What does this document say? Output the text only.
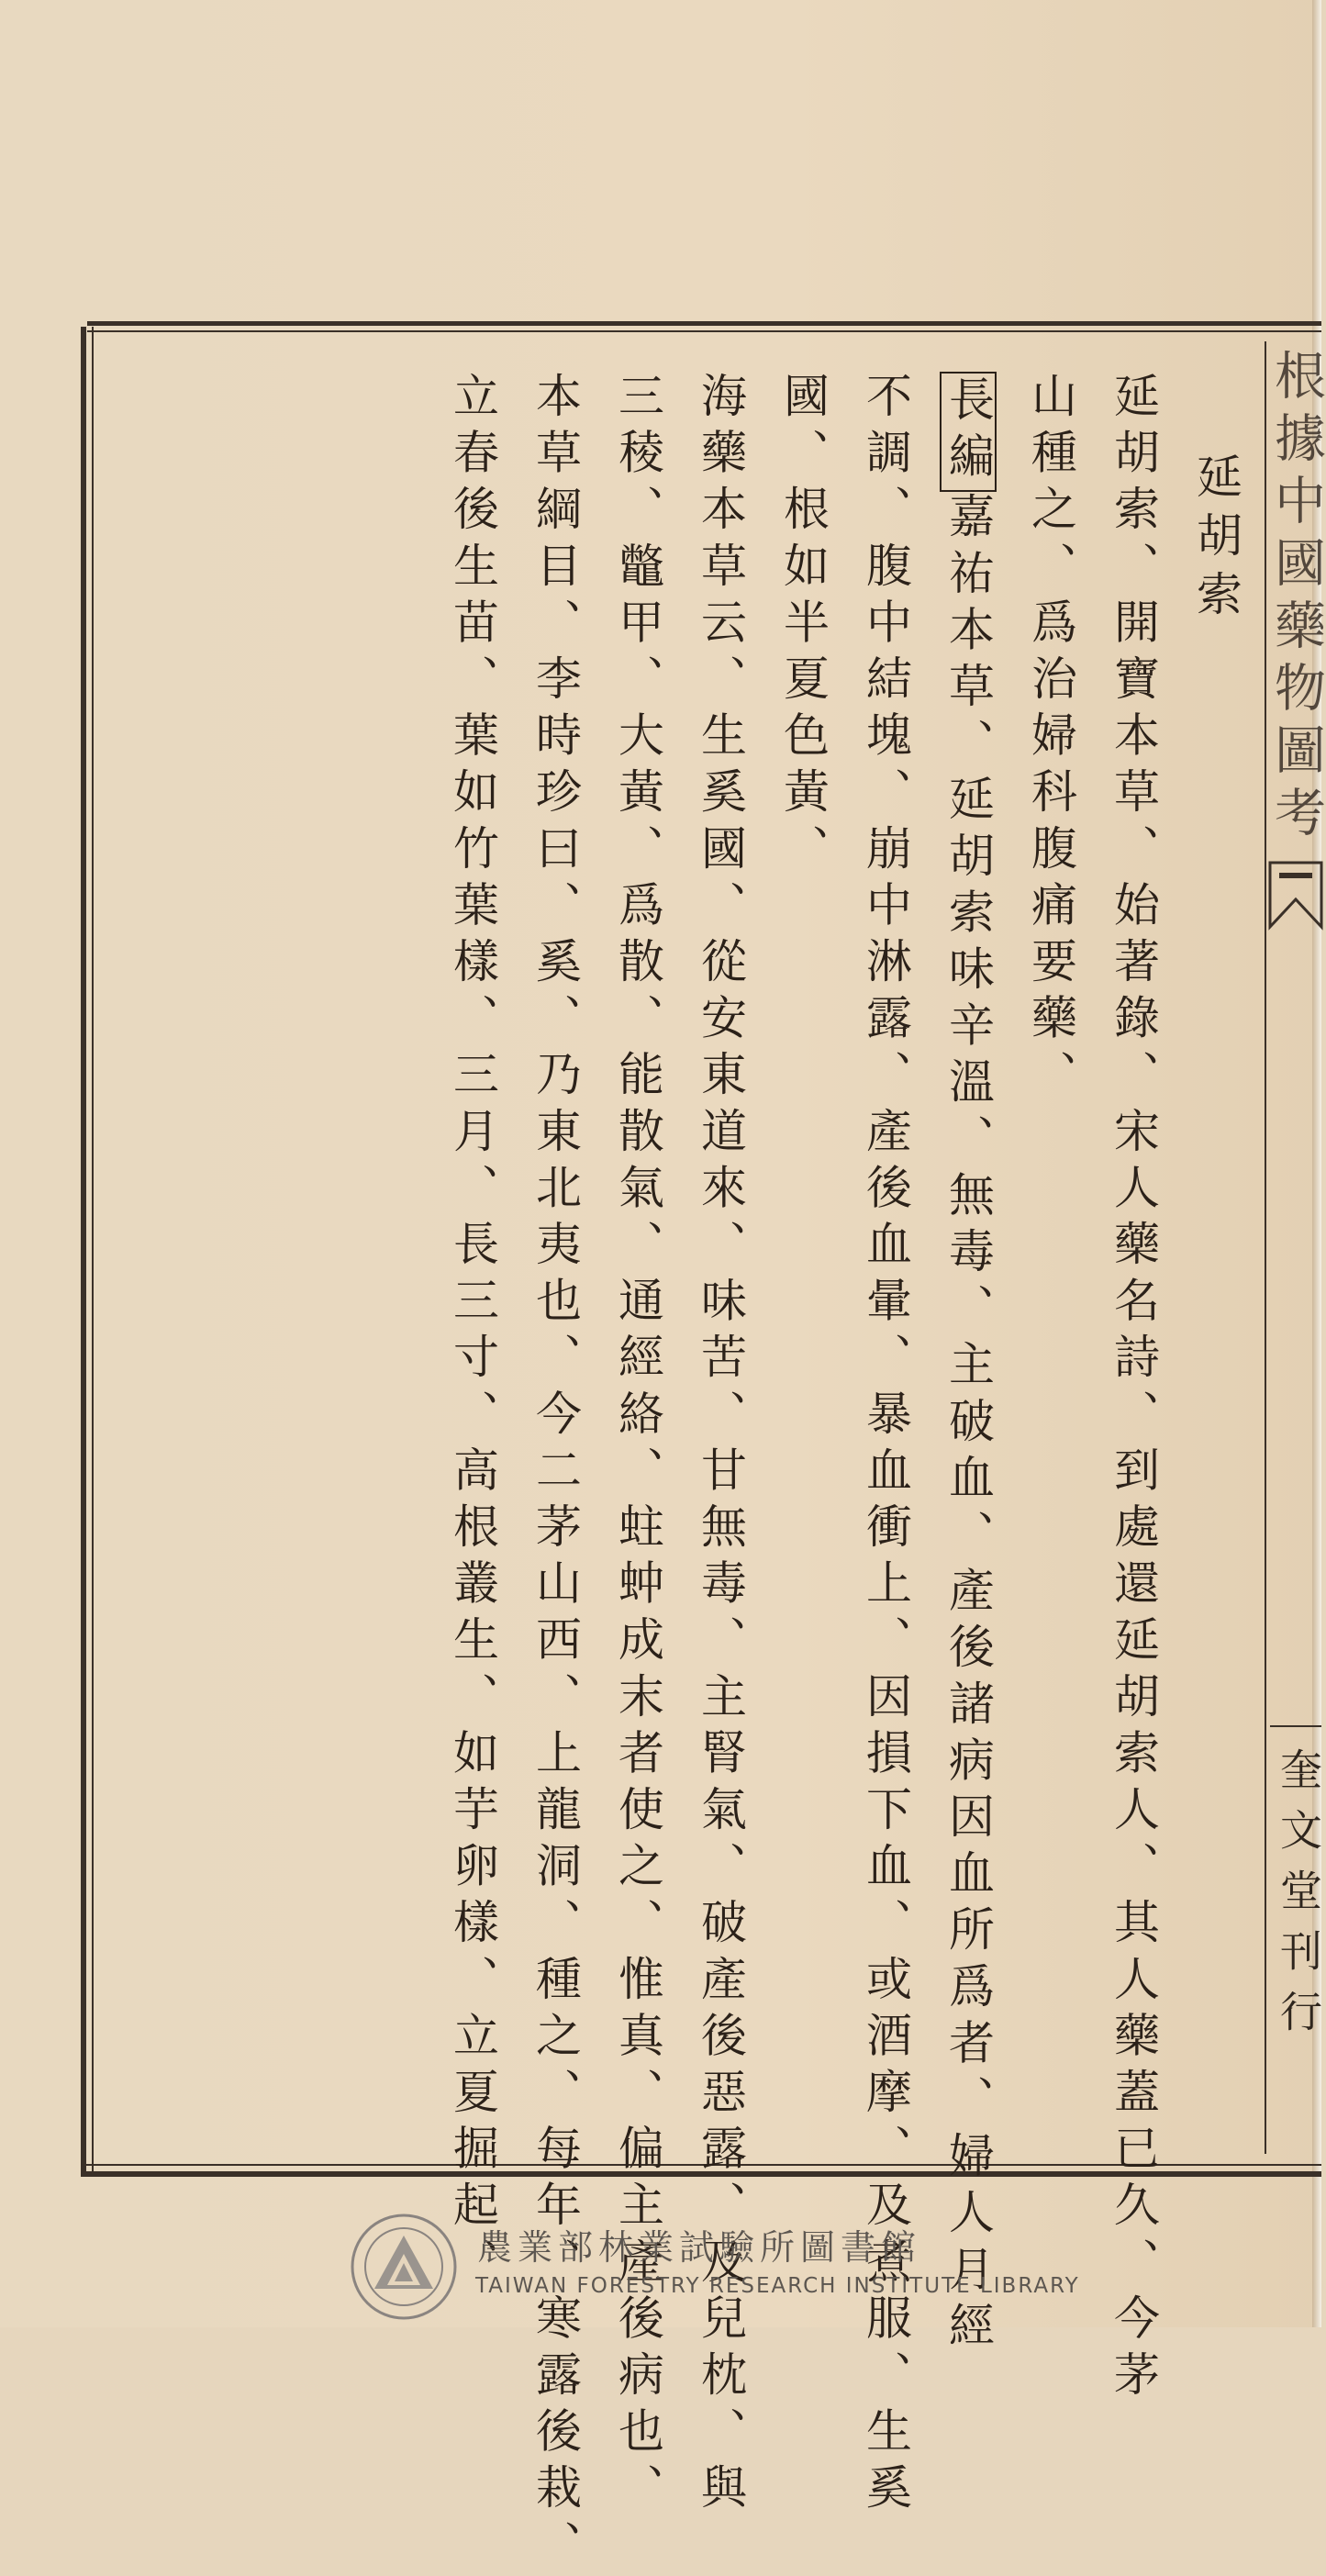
根據中國藥物圖考
奎文堂刊行
延胡索
延胡索、開寶本草、始著錄、宋人藥名詩、到處還延胡索人、其人藥蓋已久、今茅
山種之、爲治婦科腹痛要藥、
長編嘉祐本草、延胡索味辛溫、無毒、主破血、產後諸病因血所爲者、婦人月經
不調、腹中結塊、崩中淋露、產後血暈、暴血衝上、因損下血、或酒摩、及煮服、生奚
國、根如半夏色黃、
海藥本草云、生奚國、從安東道來、味苦、甘無毒、主腎氣、破產後惡露、及兒枕、與
三稜、鼈甲、大黃、爲散、能散氣、通經絡、蛀蚛成末者使之、惟真、偏主產後病也、
本草綱目、李時珍曰、奚、乃東北夷也、今二茅山西、上龍洞、種之、每年、寒露後栽、
立春後生苗、葉如竹葉樣、三月、長三寸、高根叢生、如芋卵樣、立夏掘起、
農業部林業試驗所圖書館
TAIWAN FORESTRY RESEARCH INSTITUTE LIBRARY
